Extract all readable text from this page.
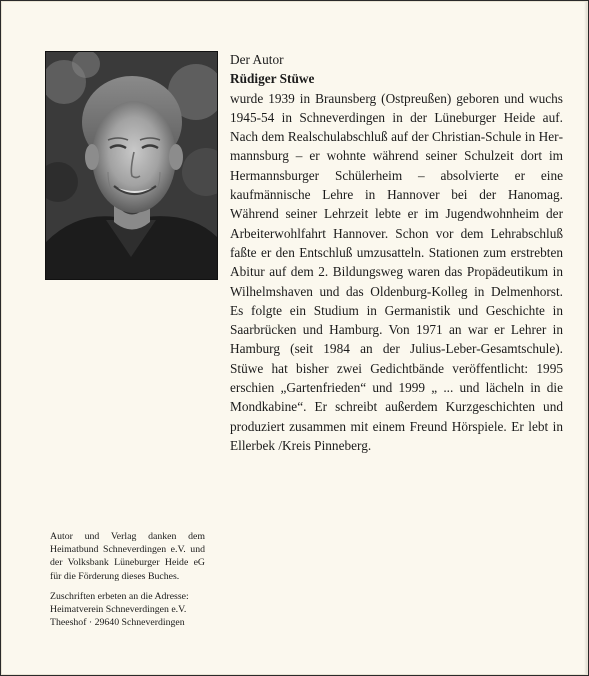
Der Autor
Rüdiger Stüwe

wurde 1939 in Braunsberg (Ostpreußen) geboren und wuchs 1945-54 in Schneverdingen in der Lüneburger Heide auf. Nach dem Realschulabschluß auf der Christian-Schule in Hermannsburg – er wohnte während seiner Schulzeit dort im Hermannsburger Schülerheim – absolvierte er eine kaufmännische Lehre in Hannover bei der Hanomag. Während seiner Lehrzeit lebte er im Jugendwohnheim der Arbeiterwohlfahrt Hannover. Schon vor dem Lehrabschluß faßte er den Entschluß umzusatteln. Stationen zum erstrebten Abitur auf dem 2. Bildungsweg waren das Propädeutikum in Wilhelmshaven und das Oldenburg-Kolleg in Delmenhorst. Es folgte ein Studium in Germanistik und Geschichte in Saarbrücken und Hamburg. Von 1971 an war er Lehrer in Hamburg (seit 1984 an der Julius-Leber-Gesamtschule). Stüwe hat bisher zwei Gedichtbände veröffentlicht: 1995 erschien „Gartenfrieden“ und 1999 „ ... und lächeln in die Mondkabine“. Er schreibt außerdem Kurzgeschichten und produziert zusammen mit einem Freund Hörspiele. Er lebt in Ellerbek /Kreis Pinneberg.

Autor und Verlag danken dem Heimatbund Schneverdingen e.V. und der Volksbank Lüneburger Heide eG für die Förderung dieses Buches.

Zuschriften erbeten an die Adresse:
Heimatverein Schneverdingen e.V.
Theeshof · 29640 Schneverdingen
